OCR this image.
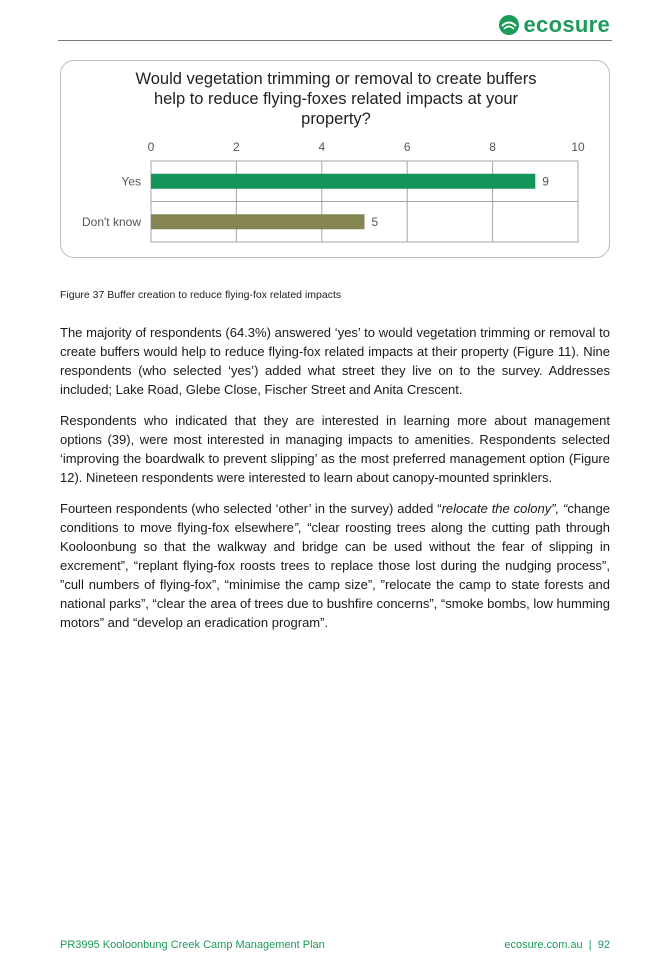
ecosure
Would vegetation trimming or removal to create buffers
help to reduce flying-foxes related impacts at your
property?
0	2	4	6	8	10
Yes	9
Don't know	5
Figure 37 Buffer creation to reduce flying-fox related impacts

The majority of respondents (64.3%) answered ‘yes’ to would vegetation trimming or removal to create buffers would help to reduce flying-fox related impacts at their property (Figure 11). Nine respondents (who selected ‘yes’) added what street they live on to the survey. Addresses included; Lake Road, Glebe Close, Fischer Street and Anita Crescent.

Respondents who indicated that they are interested in learning more about management options (39), were most interested in managing impacts to amenities. Respondents selected ‘improving the boardwalk to prevent slipping’ as the most preferred management option (Figure 12). Nineteen respondents were interested to learn about canopy-mounted sprinklers.

Fourteen respondents (who selected ‘other’ in the survey) added “relocate the colony”, “change conditions to move flying-fox elsewhere”, “clear roosting trees along the cutting path through Kooloonbung so that the walkway and bridge can be used without the fear of slipping in excrement”, “replant flying-fox roosts trees to replace those lost during the nudging process”, ”cull numbers of flying-fox”, “minimise the camp size”, ”relocate the camp to state forests and national parks”, “clear the area of trees due to bushfire concerns”, “smoke bombs, low humming motors” and “develop an eradication program”.

PR3995 Kooloonbung Creek Camp Management Plan	ecosure.com.au  |  92
